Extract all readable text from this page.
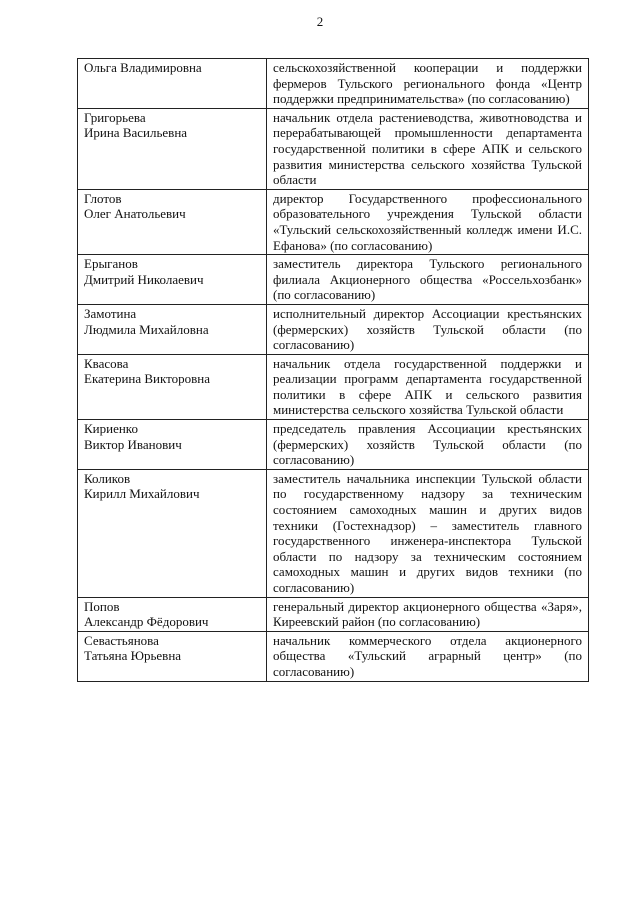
2
Ольга Владимировна	сельскохозяйственной кооперации и поддержки фермеров Тульского регионального фонда «Центр поддержки предпринимательства» (по согласованию)

Григорьева
Ирина Васильевна	начальник отдела растениеводства, животноводства и перерабатывающей промышленности департамента государственной политики в сфере АПК и сельского развития министерства сельского хозяйства Тульской области

Глотов
Олег Анатольевич	директор Государственного профессионального образовательного учреждения Тульской области «Тульский сельскохозяйственный колледж имени И.С. Ефанова» (по согласованию)

Ерыганов
Дмитрий Николаевич	заместитель директора Тульского регионального филиала Акционерного общества «Россельхозбанк» (по согласованию)

Замотина
Людмила Михайловна	исполнительный директор Ассоциации крестьянских (фермерских) хозяйств Тульской области (по согласованию)

Квасова
Екатерина Викторовна	начальник отдела государственной поддержки и реализации программ департамента государственной политики в сфере АПК и сельского развития министерства сельского хозяйства Тульской области

Кириенко
Виктор Иванович	председатель правления Ассоциации крестьянских (фермерских) хозяйств Тульской области (по согласованию)

Коликов
Кирилл Михайлович	заместитель начальника инспекции Тульской области по государственному надзору за техническим состоянием самоходных машин и других видов техники (Гостехнадзор) – заместитель главного государственного инженера-инспектора Тульской области по надзору за техническим состоянием самоходных машин и других видов техники (по согласованию)

Попов
Александр Фёдорович	генеральный директор акционерного общества «Заря», Киреевский район (по согласованию)

Севастьянова
Татьяна Юрьевна	начальник коммерческого отдела акционерного общества «Тульский аграрный центр» (по согласованию)
